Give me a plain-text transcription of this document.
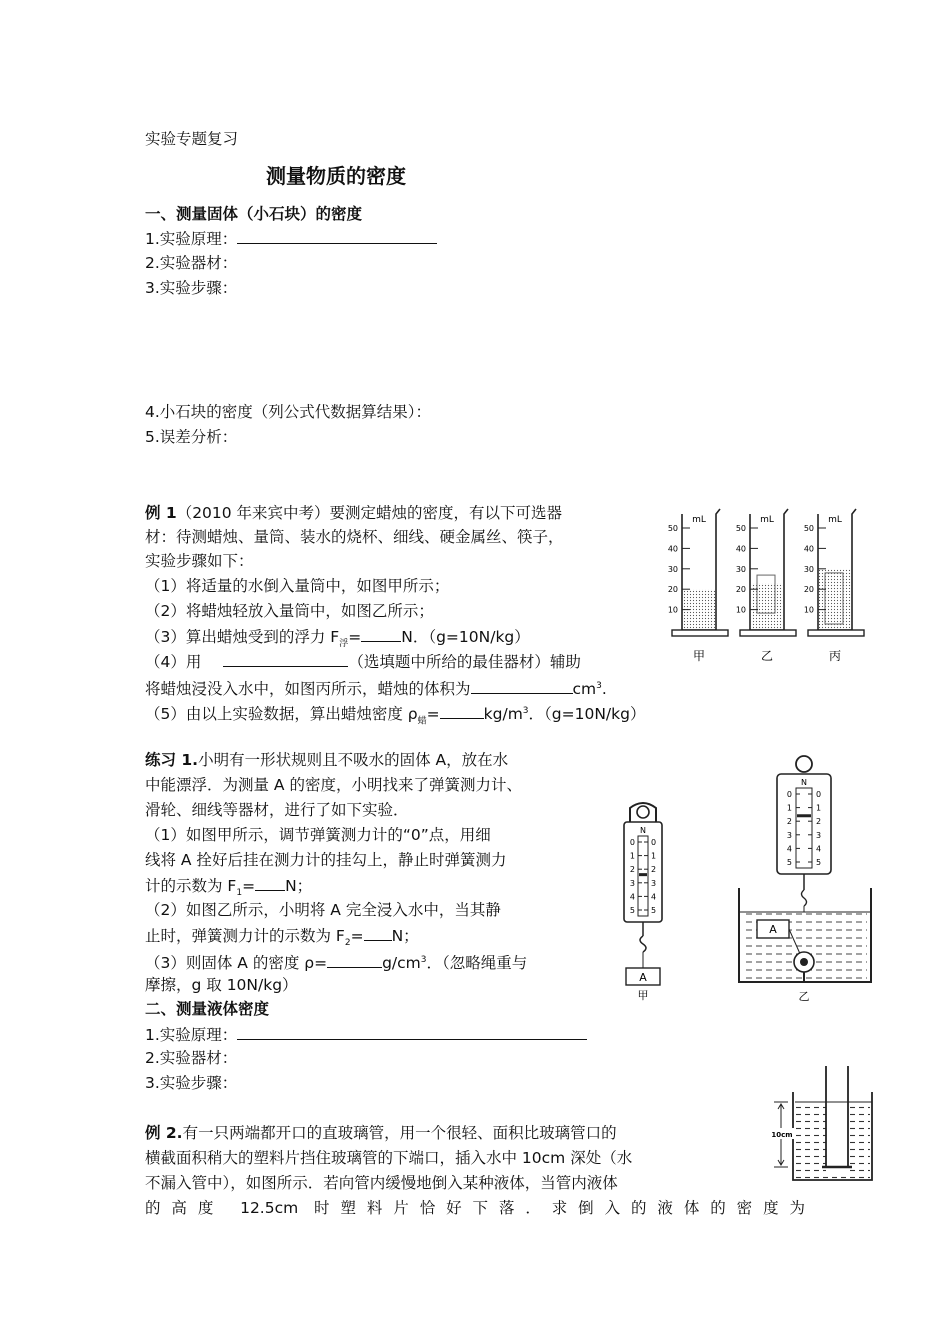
实验专题复习
测量物质的密度
一、测量固体（小石块）的密度
1.实验原理：
2.实验器材：
3.实验步骤：
4.小石块的密度（列公式代数据算结果）：
5.误差分析：
例 1（2010 年来宾中考）要测定蜡烛的密度，有以下可选器
材：待测蜡烛、量筒、装水的烧杯、细线、硬金属丝、筷子，
实验步骤如下：
（1）将适量的水倒入量筒中，如图甲所示；
（2）将蜡烛轻放入量筒中，如图乙所示；
（3）算出蜡烛受到的浮力 $F_浮=$	N．（g=10N/kg）
（4）用	（选填题中所给的最佳器材）辅助
将蜡烛浸没入水中，如图丙所示，蜡烛的体积为	$cm^3$.
（5）由以上实验数据，算出蜡烛密度 $\rho_蜡=$	$kg/m^3$．（g=10N/kg）
mL
50
40
30
20
10
甲
mL
50
40
30
20
10
乙
mL
50
40
30
20
10
丙
练习 1.小明有一形状规则且不吸水的固体 A，放在水
中能漂浮．为测量 A 的密度，小明找来了弹簧测力计、
滑轮、细线等器材，进行了如下实验．
（1）如图甲所示，调节弹簧测力计的“0”点，用细
线将 A 拴好后挂在测力计的挂勾上，静止时弹簧测力
计的示数为 $F_1= N$；
（2）如图乙所示，小明将 A 完全浸入水中，当其静
止时，弹簧测力计的示数为 $F_2= N$；
（3）则固体 A 的密度 ρ=	$g/cm^3$．（忽略绳重与
摩擦，g 取 10N/kg）
N
0 0
1 1
2 2
3 3
4 4
5 5
A
甲
N
0	0
1	1
2	2
3	3
4	4
5	5
A
乙
二、测量液体密度
1.实验原理：
2.实验器材：
3.实验步骤：
例 2.有一只两端都开口的直玻璃管，用一个很轻、面积比玻璃管口的
横截面积稍大的塑料片挡住玻璃管的下端口，插入水中 10cm 深处（水
不漏入管中），如图所示．若向管内缓慢地倒入某种液体，当管内液体
的高度 12.5cm 时塑料片恰好下落．求倒入的液体的密度为
10cm
